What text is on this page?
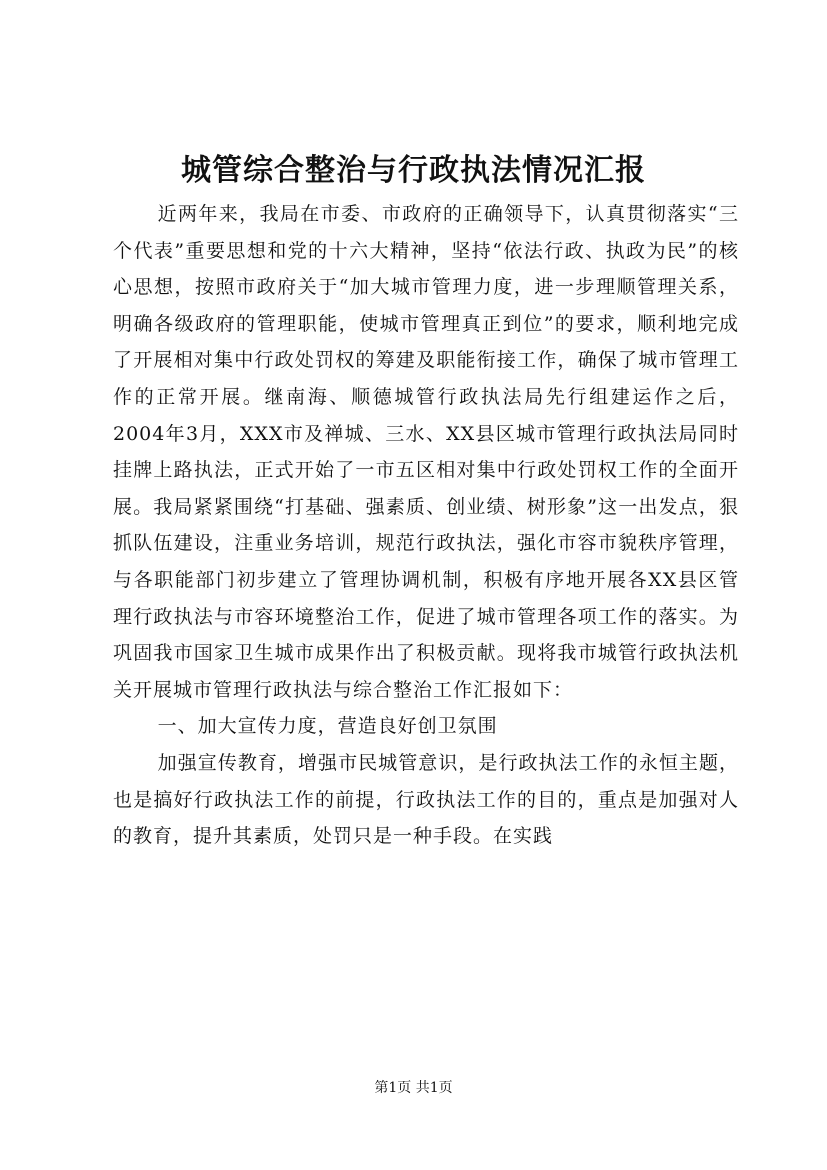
城管综合整治与行政执法情况汇报

近两年来，我局在市委、市政府的正确领导下，认真贯彻落实“三个代表”重要思想和党的十六大精神，坚持“依法行政、执政为民”的核心思想，按照市政府关于“加大城市管理力度，进一步理顺管理关系，明确各级政府的管理职能，使城市管理真正到位”的要求，顺利地完成了开展相对集中行政处罚权的筹建及职能衔接工作，确保了城市管理工作的正常开展。继南海、顺德城管行政执法局先行组建运作之后，2004年3月，XXX市及禅城、三水、XX县区城市管理行政执法局同时挂牌上路执法，正式开始了一市五区相对集中行政处罚权工作的全面开展。我局紧紧围绕“打基础、强素质、创业绩、树形象”这一出发点，狠抓队伍建设，注重业务培训，规范行政执法，强化市容市貌秩序管理，与各职能部门初步建立了管理协调机制，积极有序地开展各XX县区管理行政执法与市容环境整治工作，促进了城市管理各项工作的落实。为巩固我市国家卫生城市成果作出了积极贡献。现将我市城管行政执法机关开展城市管理行政执法与综合整治工作汇报如下：

一、加大宣传力度，营造良好创卫氛围

加强宣传教育，增强市民城管意识，是行政执法工作的永恒主题，也是搞好行政执法工作的前提，行政执法工作的目的，重点是加强对人的教育，提升其素质，处罚只是一种手段。在实践

第1页 共1页
